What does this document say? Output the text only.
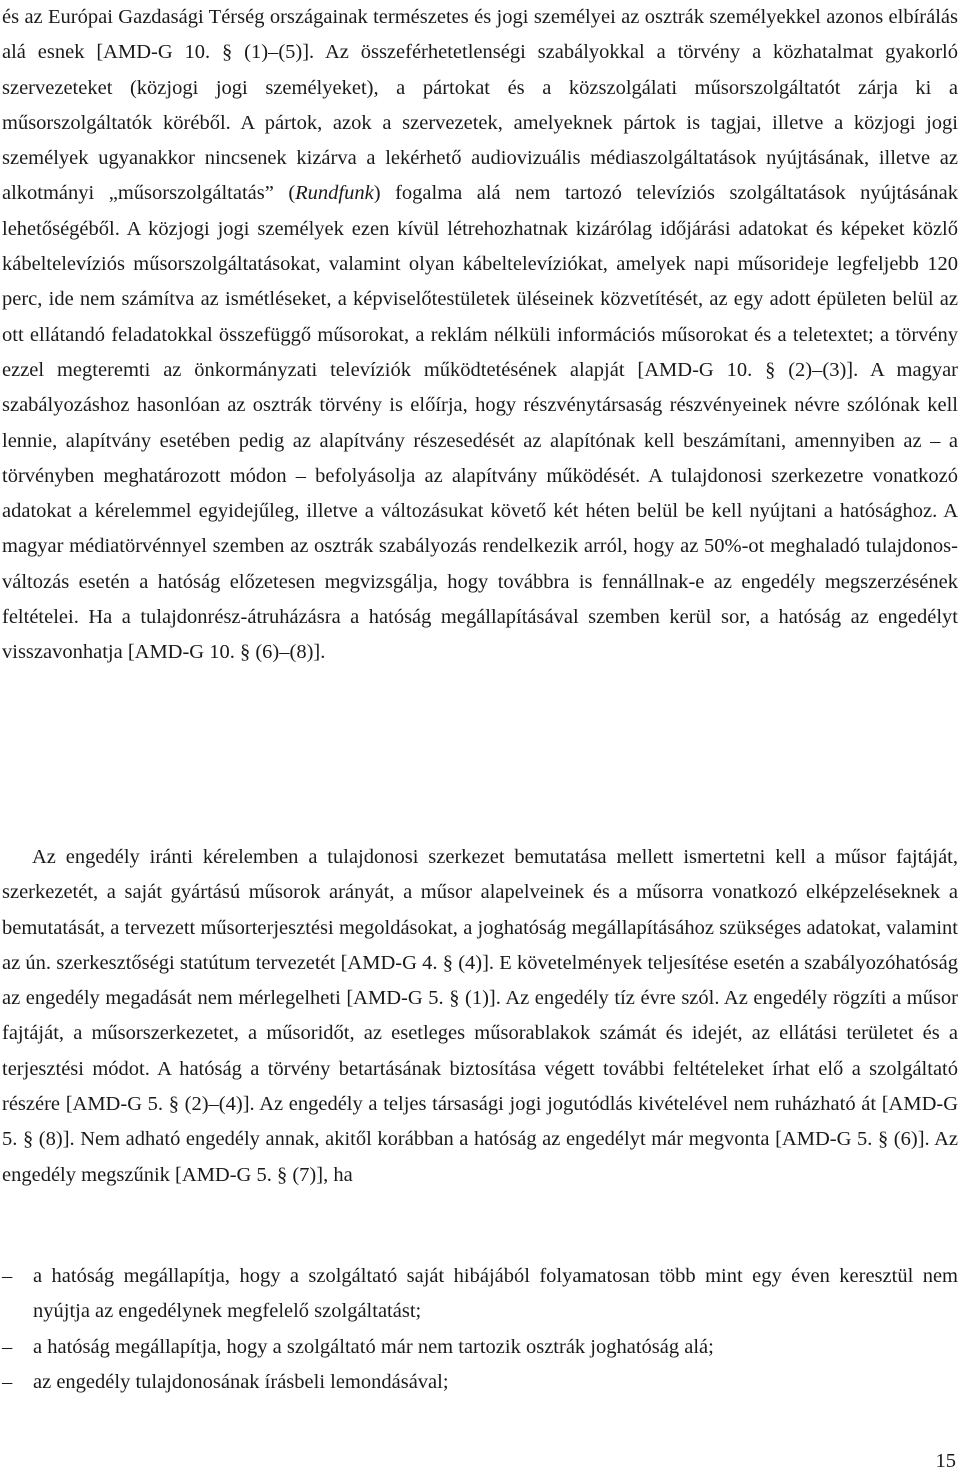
és az Európai Gazdasági Térség országainak természetes és jogi személyei az osztrák személyekkel azonos elbírálás alá esnek [AMD-G 10. § (1)–(5)]. Az összeférhetetlenségi szabályokkal a törvény a közhatalmat gyakorló szervezeteket (közjogi jogi személyeket), a pártokat és a közszolgálati műsorszolgáltatót zárja ki a műsorszolgáltatók köréből. A pártok, azok a szervezetek, amelyeknek pártok is tagjai, illetve a közjogi jogi személyek ugyanakkor nincsenek kizárva a lekérhető audiovizuális médiaszolgáltatások nyújtásának, illetve az alkotmányi „műsorszolgáltatás” (Rundfunk) fogalma alá nem tartozó televíziós szolgáltatások nyújtásának lehetőségéből. A közjogi jogi személyek ezen kívül létrehozhatnak kizárólag időjárási adatokat és képeket közlő kábeltelevíziós műsorszolgáltatásokat, valamint olyan kábeltelevíziókat, amelyek napi műsorideje legfeljebb 120 perc, ide nem számítva az ismétléseket, a képviselőtestületek üléseinek közvetítését, az egy adott épületen belül az ott ellátandó feladatokkal összefüggő műsorokat, a reklám nélküli információs műsorokat és a teletextet; a törvény ezzel megteremti az önkormányzati televíziók működtetésének alapját [AMD-G 10. § (2)–(3)]. A magyar szabályozáshoz hasonlóan az osztrák törvény is előírja, hogy részvénytársaság részvényeinek névre szólónak kell lennie, alapítvány esetében pedig az alapítvány részesedését az alapítónak kell beszámítani, amennyiben az – a törvényben meghatározott módon – befolyásolja az alapítvány működését. A tulajdonosi szerkezetre vonatkozó adatokat a kérelemmel egyidejűleg, illetve a változásukat követő két héten belül be kell nyújtani a hatósághoz. A magyar médiatörvénnyel szemben az osztrák szabályozás rendelkezik arról, hogy az 50%-ot meghaladó tulajdonos-változás esetén a hatóság előzetesen megvizsgálja, hogy továbbra is fennállnak-e az engedély megszerzésének feltételei. Ha a tulajdonrész-átruházásra a hatóság megállapításával szemben kerül sor, a hatóság az engedélyt visszavonhatja [AMD-G 10. § (6)–(8)].

Az engedély iránti kérelemben a tulajdonosi szerkezet bemutatása mellett ismertetni kell a műsor fajtáját, szerkezetét, a saját gyártású műsorok arányát, a műsor alapelveinek és a műsorra vonatkozó elképzeléseknek a bemutatását, a tervezett műsorterjesztési megoldásokat, a joghatóság megállapításához szükséges adatokat, valamint az ún. szerkesztőségi statútum tervezetét [AMD-G 4. § (4)]. E követelmények teljesítése esetén a szabályozóhatóság az engedély megadását nem mérlegelheti [AMD-G 5. § (1)]. Az engedély tíz évre szól. Az engedély rögzíti a műsor fajtáját, a műsorszerkezetet, a műsoridőt, az esetleges műsorablakok számát és idejét, az ellátási területet és a terjesztési módot. A hatóság a törvény betartásának biztosítása végett további feltételeket írhat elő a szolgáltató részére [AMD-G 5. § (2)–(4)]. Az engedély a teljes társasági jogi jogutódlás kivételével nem ruházható át [AMD-G 5. § (8)]. Nem adható engedély annak, akitől korábban a hatóság az engedélyt már megvonta [AMD-G 5. § (6)]. Az engedély megszűnik [AMD-G 5. § (7)], ha

– a hatóság megállapítja, hogy a szolgáltató saját hibájából folyamatosan több mint egy éven keresztül nem nyújtja az engedélynek megfelelő szolgáltatást;
– a hatóság megállapítja, hogy a szolgáltató már nem tartozik osztrák joghatóság alá;
– az engedély tulajdonosának írásbeli lemondásával;
15
